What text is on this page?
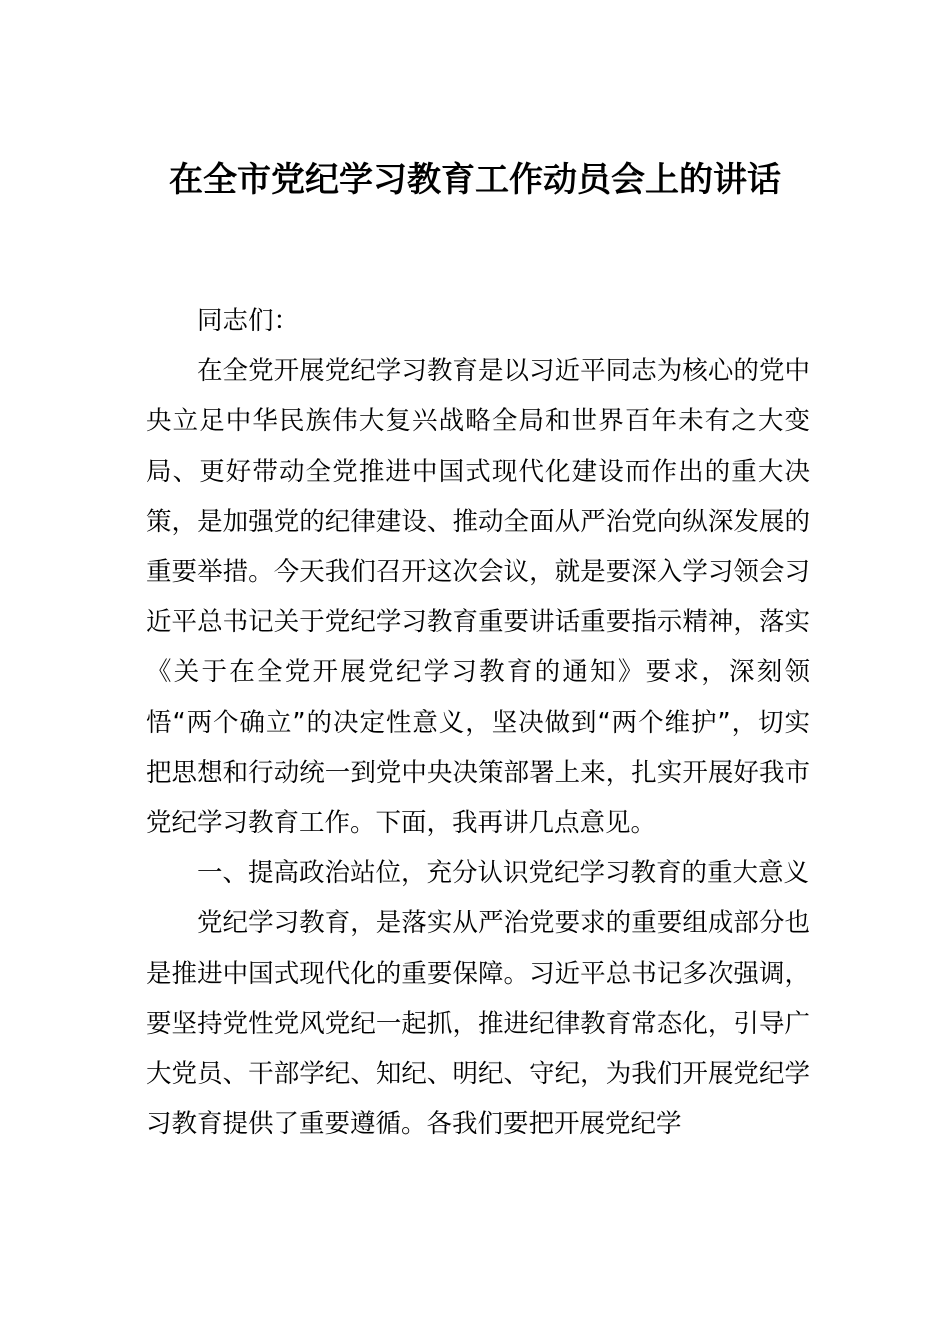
在全市党纪学习教育工作动员会上的讲话

同志们：

在全党开展党纪学习教育是以习近平同志为核心的党中央立足中华民族伟大复兴战略全局和世界百年未有之大变局、更好带动全党推进中国式现代化建设而作出的重大决策，是加强党的纪律建设、推动全面从严治党向纵深发展的重要举措。今天我们召开这次会议，就是要深入学习领会习近平总书记关于党纪学习教育重要讲话重要指示精神，落实《关于在全党开展党纪学习教育的通知》要求，深刻领悟“两个确立”的决定性意义，坚决做到“两个维护”，切实把思想和行动统一到党中央决策部署上来，扎实开展好我市党纪学习教育工作。下面，我再讲几点意见。

一、提高政治站位，充分认识党纪学习教育的重大意义

党纪学习教育，是落实从严治党要求的重要组成部分也是推进中国式现代化的重要保障。习近平总书记多次强调，要坚持党性党风党纪一起抓，推进纪律教育常态化，引导广大党员、干部学纪、知纪、明纪、守纪，为我们开展党纪学习教育提供了重要遵循。各我们要把开展党纪学
